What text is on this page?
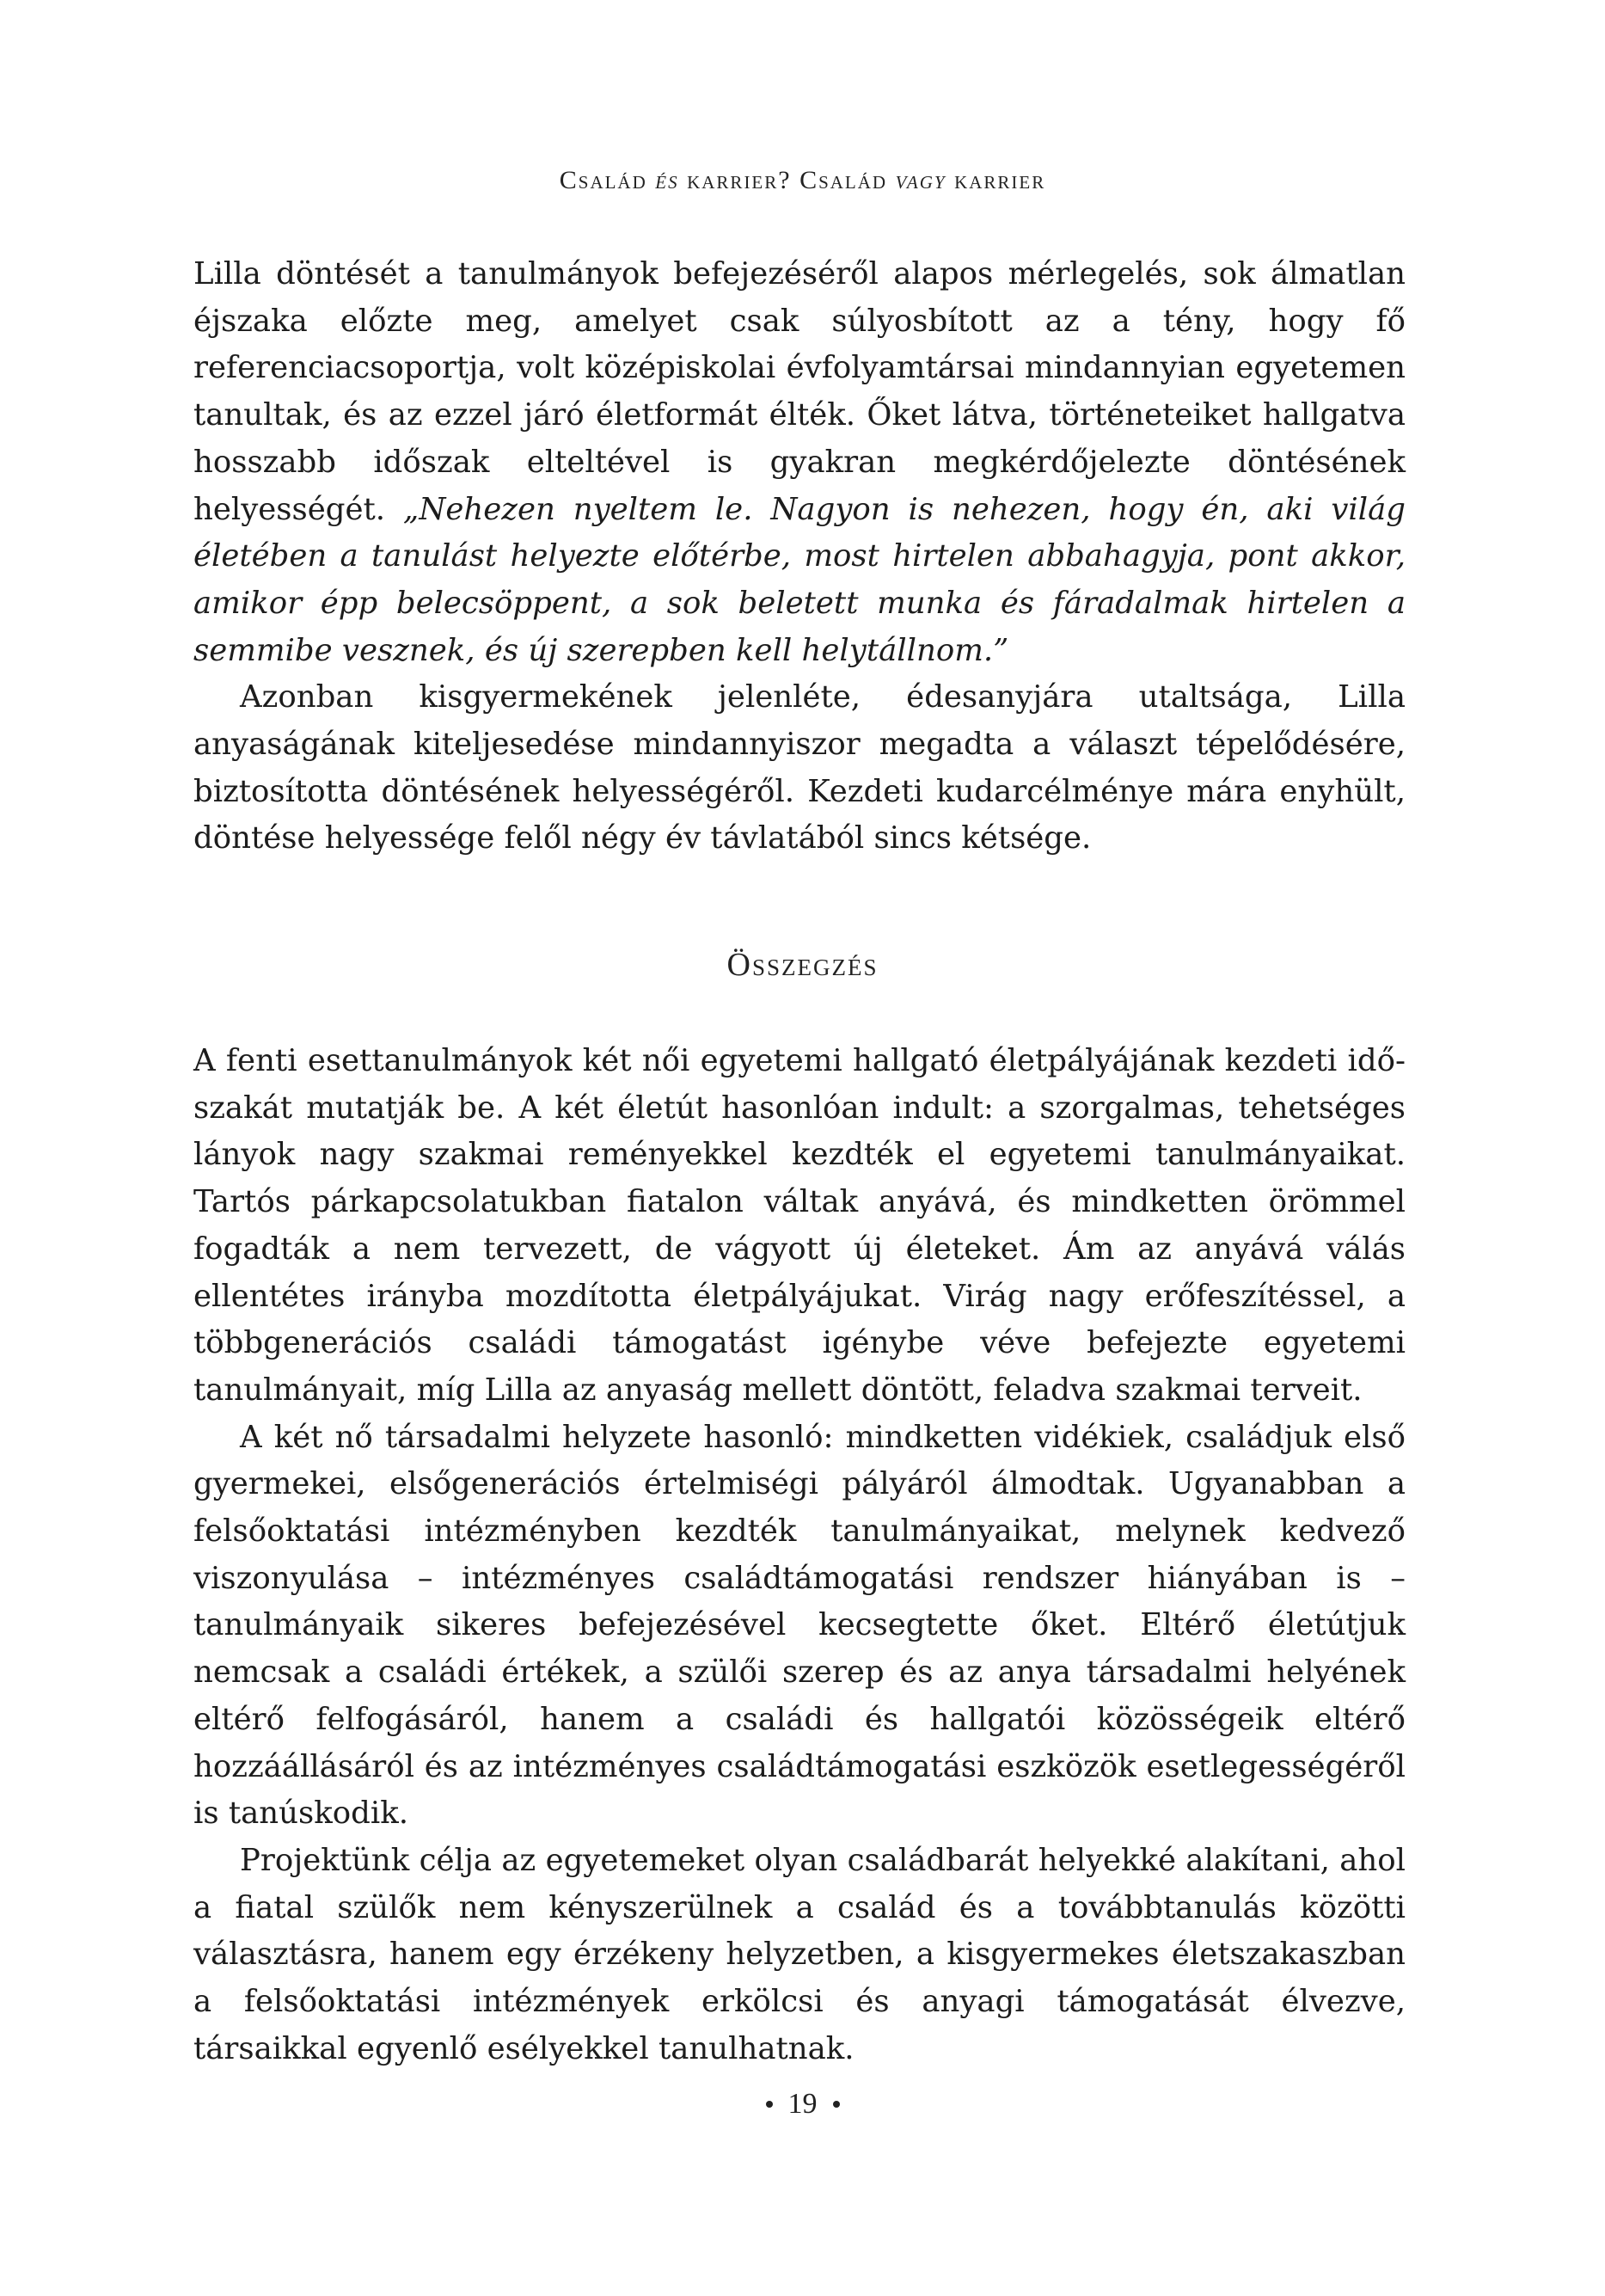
Család és karrier? Család vagy karrier

Lilla döntését a tanulmányok befejezéséről alapos mérlegelés, sok álmatlan éjszaka előzte meg, amelyet csak súlyosbított az a tény, hogy fő referenciacsoportja, volt középiskolai évfolyamtársai mindannyian egyetemen tanultak, és az ezzel járó életformát élték. Őket látva, történeteiket hallgatva hosszabb időszak elteltével is gyakran megkérdőjelezte döntésének helyességét. „Nehezen nyeltem le. Nagyon is nehezen, hogy én, aki világ életében a tanulást helyezte előtérbe, most hirtelen abbahagyja, pont akkor, amikor épp belecsöppent, a sok beletett munka és fáradalmak hirtelen a semmibe vesznek, és új szerepben kell helytállnom.”

Azonban kisgyermekének jelenléte, édesanyjára utaltsága, Lilla anyaságának kiteljesedése mindannyiszor megadta a választ tépelődésére, biztosította döntésének helyességéről. Kezdeti kudarcélménye mára enyhült, döntése helyessége felől négy év távlatából sincs kétsége.

Összegzés

A fenti esettanulmányok két női egyetemi hallgató életpályájának kezdeti időszakát mutatják be. A két életút hasonlóan indult: a szorgalmas, tehetséges lányok nagy szakmai reményekkel kezdték el egyetemi tanulmányaikat. Tartós párkapcsolatukban fiatalon váltak anyává, és mindketten örömmel fogadták a nem tervezett, de vágyott új életeket. Ám az anyává válás ellentétes irányba mozdította életpályájukat. Virág nagy erőfeszítéssel, a többgenerációs családi támogatást igénybe véve befejezte egyetemi tanulmányait, míg Lilla az anyaság mellett döntött, feladva szakmai terveit.

A két nő társadalmi helyzete hasonló: mindketten vidékiek, családjuk első gyermekei, elsőgenerációs értelmiségi pályáról álmodtak. Ugyanabban a felsőoktatási intézményben kezdték tanulmányaikat, melynek kedvező viszonyulása – intézményes családtámogatási rendszer hiányában is – tanulmányaik sikeres befejezésével kecsegtette őket. Eltérő életútjuk nemcsak a családi értékek, a szülői szerep és az anya társadalmi helyének eltérő felfogásáról, hanem a családi és hallgatói közösségeik eltérő hozzáállásáról és az intézményes családtámogatási eszközök esetlegességéről is tanúskodik.

Projektünk célja az egyetemeket olyan családbarát helyekké alakítani, ahol a fiatal szülők nem kényszerülnek a család és a továbbtanulás közötti választásra, hanem egy érzékeny helyzetben, a kisgyermekes életszakaszban a felsőoktatási intézmények erkölcsi és anyagi támogatását élvezve, társaikkal egyenlő esélyekkel tanulhatnak.

19
